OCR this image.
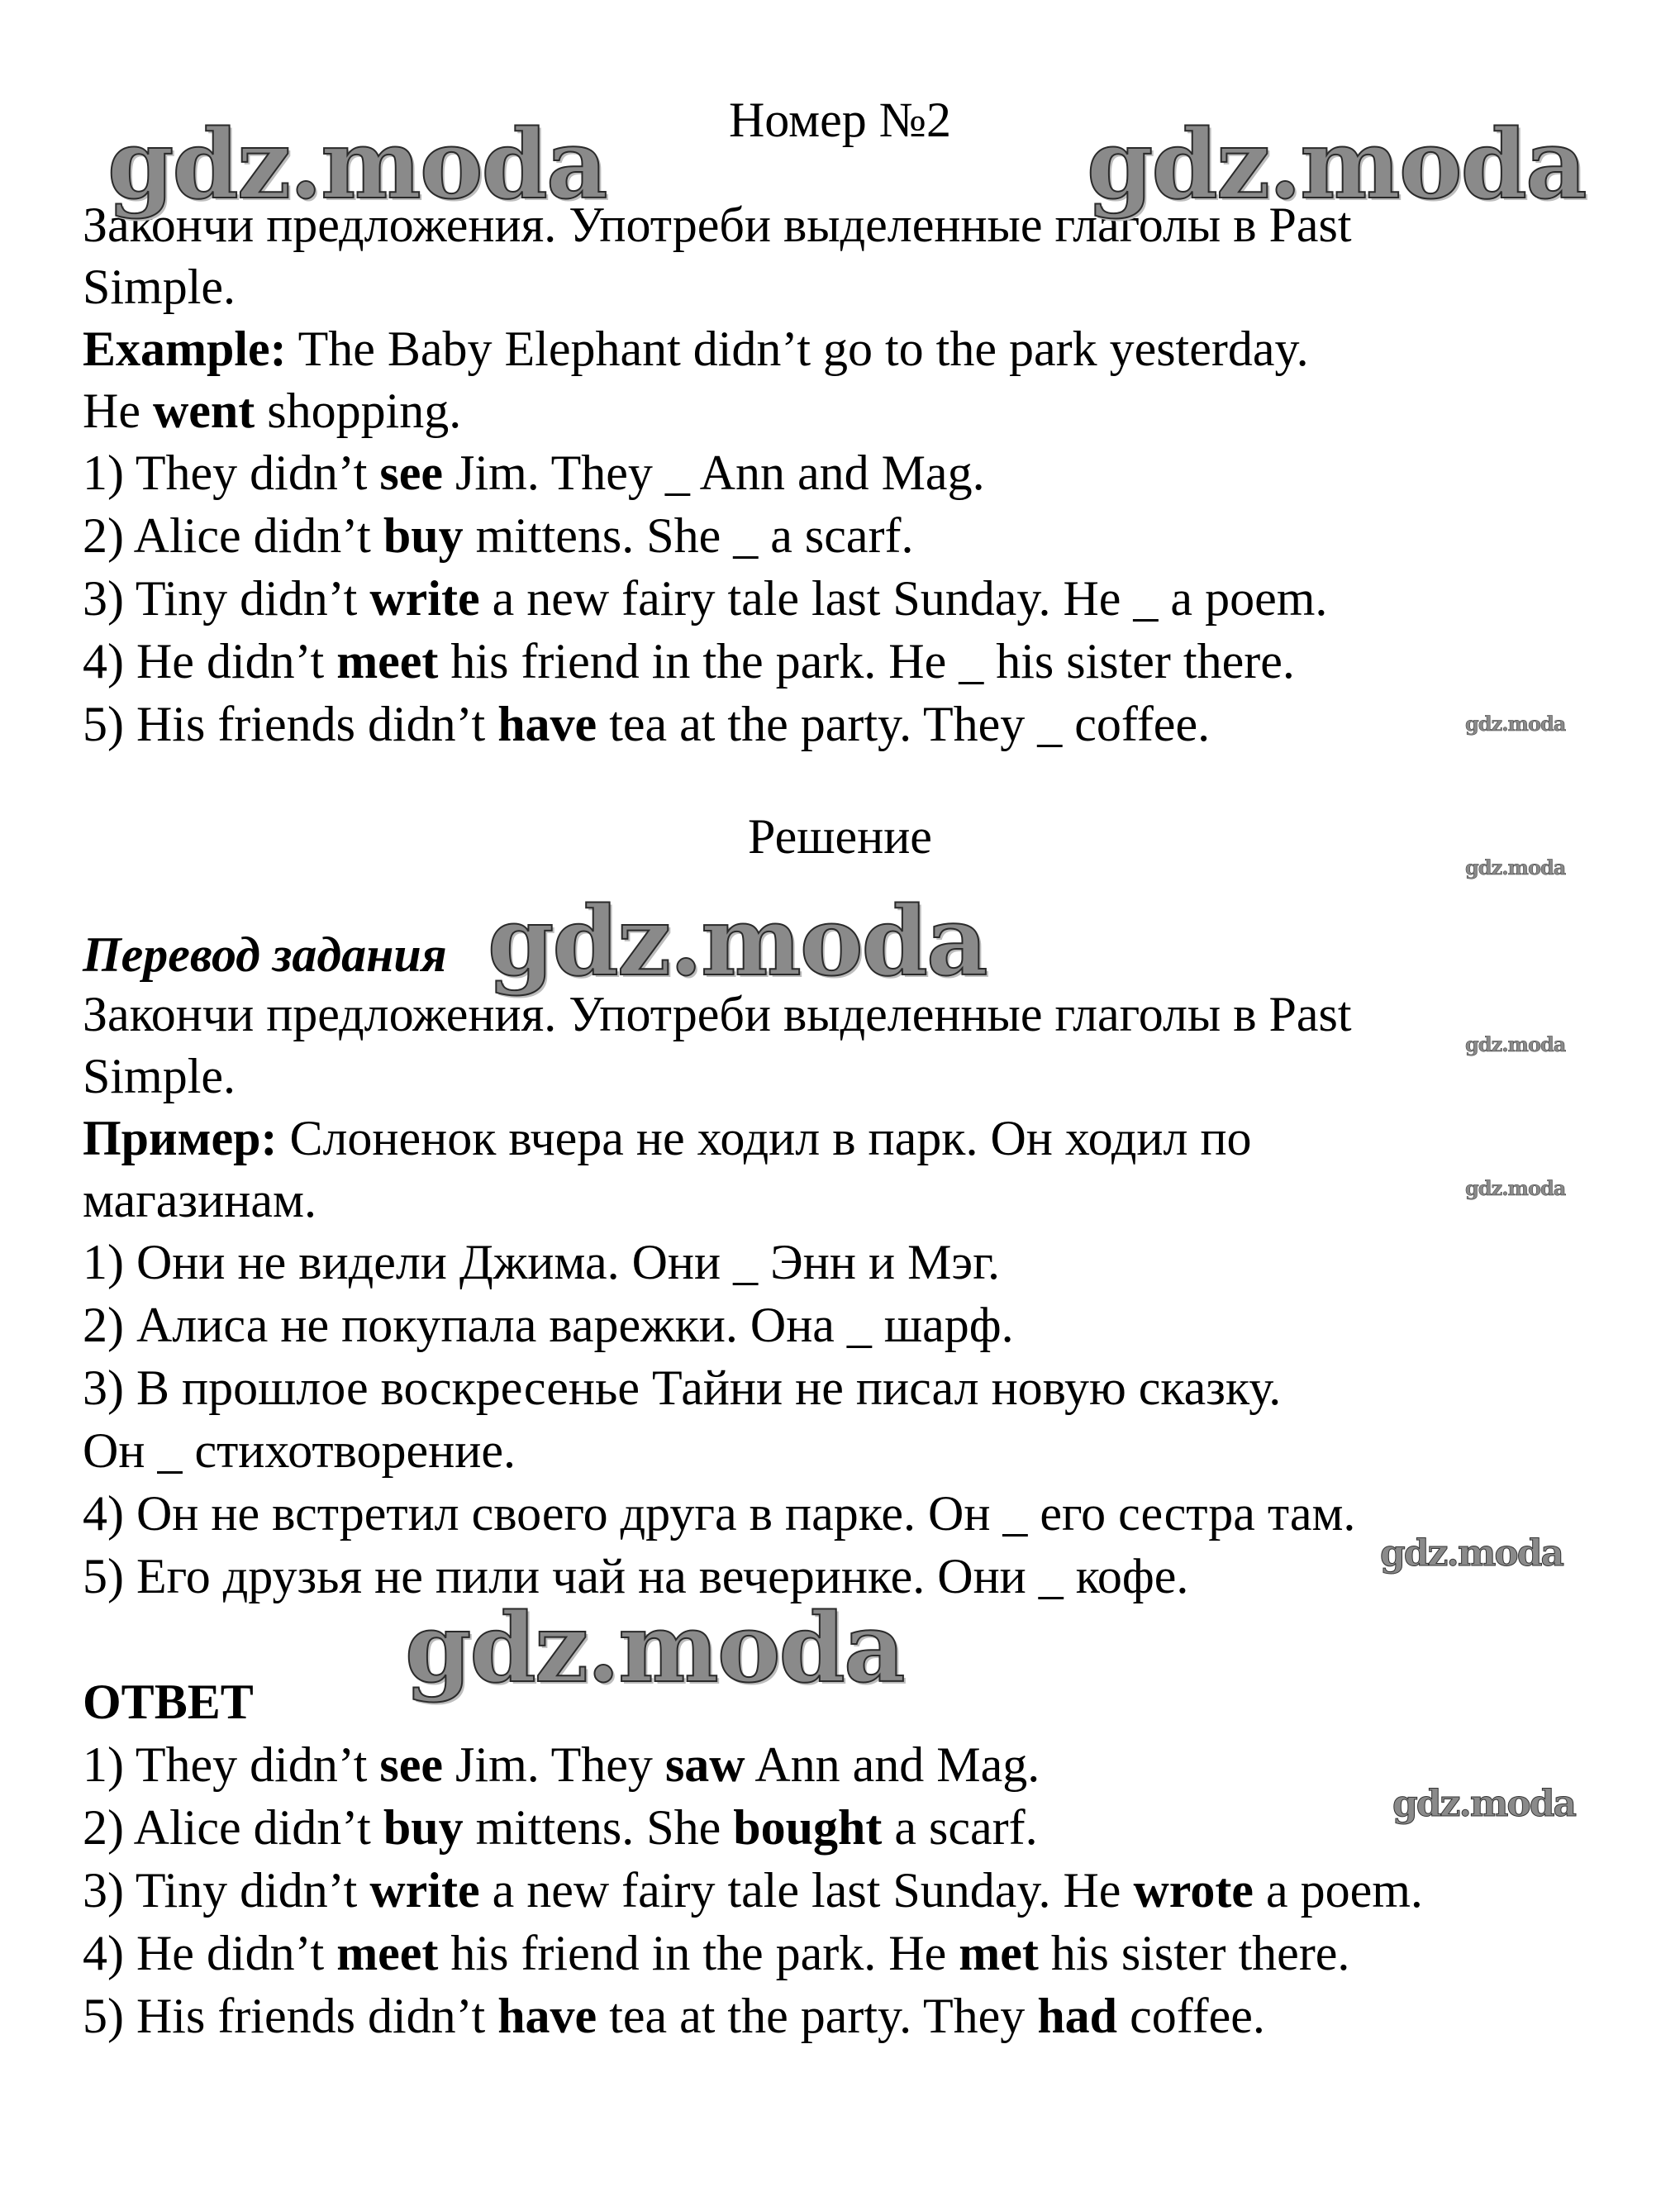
Номер №2

Закончи предложения. Употреби выделенные глаголы в Past

Simple.

Example: The Baby Elephant didn’t go to the park yesterday.

He went shopping.

1) They didn’t see Jim. They _ Ann and Mag.

2) Alice didn’t buy mittens. She _ a scarf.

3) Tiny didn’t write a new fairy tale last Sunday. He _ a poem.

4) He didn’t meet his friend in the park. He _ his sister there.

5) His friends didn’t have tea at the party. They _ coffee.

Решение

Перевод задания

Закончи предложения. Употреби выделенные глаголы в Past

Simple.

Пример: Слоненок вчера не ходил в парк. Он ходил по

магазинам.

1) Они не видели Джима. Они _ Энн и Мэг.

2) Алиса не покупала варежки. Она _ шарф.

3) В прошлое воскресенье Тайни не писал новую сказку.

Он _ стихотворение.

4) Он не встретил своего друга в парке. Он _ его сестра там.

5) Его друзья не пили чай на вечеринке. Они _ кофе.

ОТВЕТ

1) They didn’t see Jim. They saw Ann and Mag.

2) Alice didn’t buy mittens. She bought a scarf.

3) Tiny didn’t write a new fairy tale last Sunday. He wrote a poem.

4) He didn’t meet his friend in the park. He met his sister there.

5) His friends didn’t have tea at the party. They had coffee.

gdz.moda	gdz.moda

gdz.moda

gdz.moda

gdz.moda

gdz.moda

gdz.moda

gdz.moda

gdz.moda

gdz.moda
